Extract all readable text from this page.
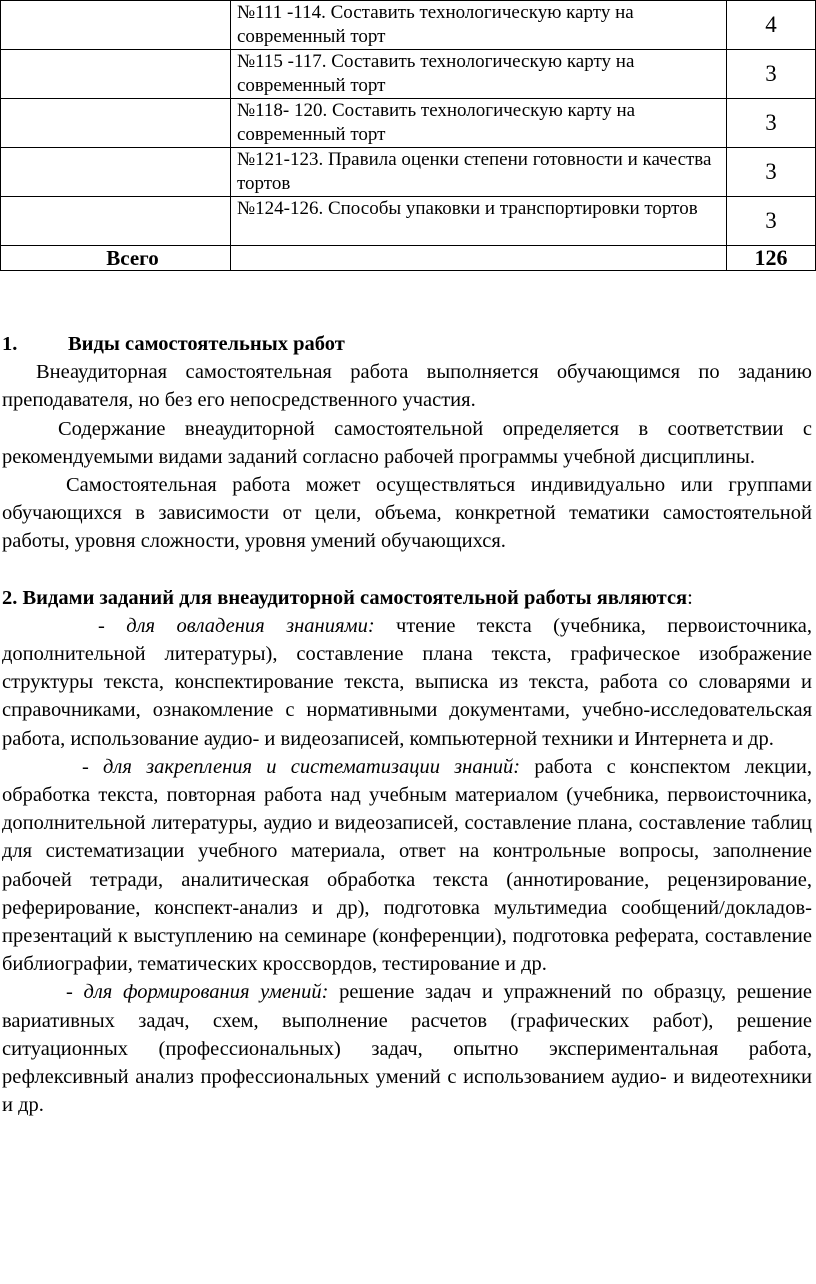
	№111 -114. Составить технологическую карту на современный торт	4
	№115 -117. Составить технологическую карту на современный торт	3
	№118- 120. Составить технологическую карту на современный торт	3
	№121-123. Правила оценки степени готовности и качества тортов	3
	№124-126. Способы упаковки и транспортировки тортов	3
Всего		126
1.	Виды самостоятельных работ

Внеаудиторная самостоятельная работа выполняется обучающимся по заданию преподавателя, но без его непосредственного участия.

Содержание внеаудиторной самостоятельной определяется в соответствии с рекомендуемыми видами заданий согласно рабочей программы учебной дисциплины.

Самостоятельная работа может осуществляться индивидуально или группами обучающихся в зависимости от цели, объема, конкретной тематики самостоятельной работы, уровня сложности, уровня умений обучающихся.

2. Видами заданий для внеаудиторной самостоятельной работы являются:

- для овладения знаниями: чтение текста (учебника, первоисточника, дополнительной литературы), составление плана текста, графическое изображение структуры текста, конспектирование текста, выписка из текста, работа со словарями и справочниками, ознакомление с нормативными документами, учебно-исследовательская работа, использование аудио- и видеозаписей, компьютерной техники и Интернета и др.

- для закрепления и систематизации знаний: работа с конспектом лекции, обработка текста, повторная работа над учебным материалом (учебника, первоисточника, дополнительной литературы, аудио и видеозаписей, составление плана, составление таблиц для систематизации учебного материала, ответ на контрольные вопросы, заполнение рабочей тетради, аналитическая обработка текста (аннотирование, рецензирование, реферирование, конспект-анализ и др), подготовка мультимедиа сообщений/докладов-презентаций к выступлению на семинаре (конференции), подготовка реферата, составление библиографии, тематических кроссвордов, тестирование и др.

- для формирования умений: решение задач и упражнений по образцу, решение вариативных задач, схем, выполнение расчетов (графических работ), решение ситуационных (профессиональных) задач, опытно экспериментальная работа, рефлексивный анализ профессиональных умений с использованием аудио- и видеотехники и др.
